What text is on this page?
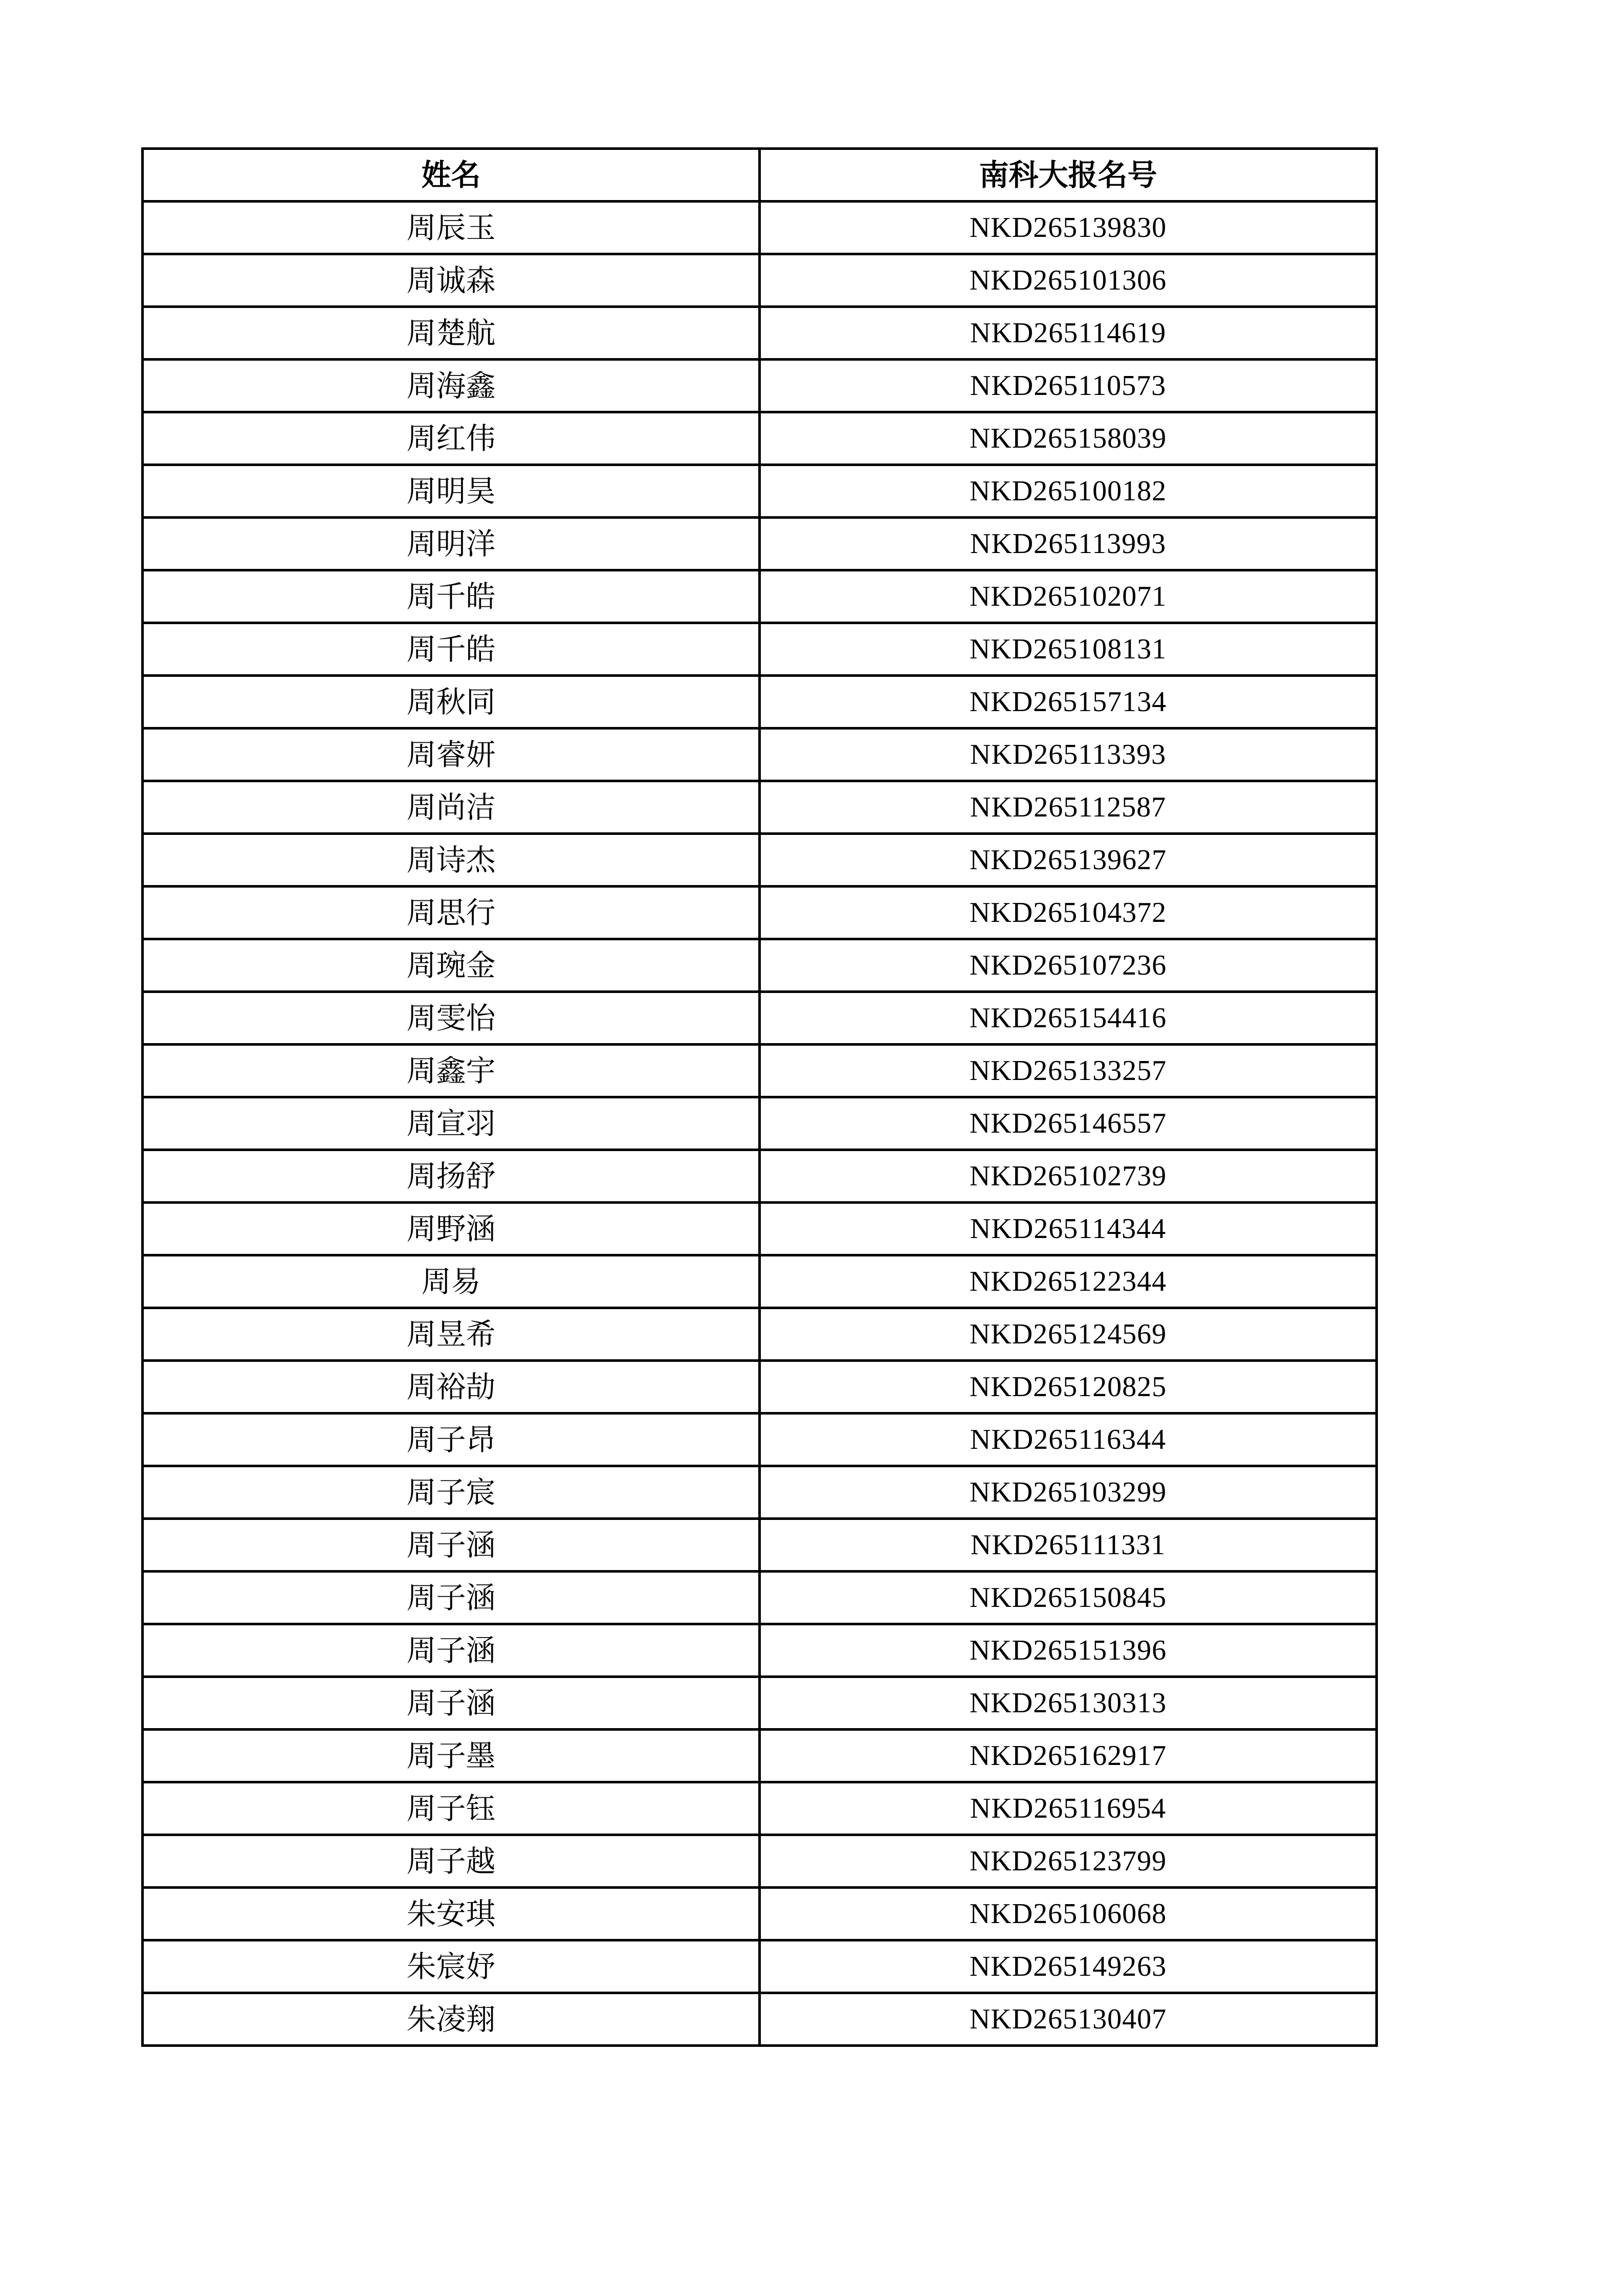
姓名	南科大报名号
周辰玉	NKD265139830
周诚森	NKD265101306
周楚航	NKD265114619
周海鑫	NKD265110573
周红伟	NKD265158039
周明昊	NKD265100182
周明洋	NKD265113993
周千皓	NKD265102071
周千皓	NKD265108131
周秋同	NKD265157134
周睿妍	NKD265113393
周尚洁	NKD265112587
周诗杰	NKD265139627
周思行	NKD265104372
周琬金	NKD265107236
周雯怡	NKD265154416
周鑫宇	NKD265133257
周宣羽	NKD265146557
周扬舒	NKD265102739
周野涵	NKD265114344
周易	NKD265122344
周昱希	NKD265124569
周裕劼	NKD265120825
周子昂	NKD265116344
周子宸	NKD265103299
周子涵	NKD265111331
周子涵	NKD265150845
周子涵	NKD265151396
周子涵	NKD265130313
周子墨	NKD265162917
周子钰	NKD265116954
周子越	NKD265123799
朱安琪	NKD265106068
朱宸妤	NKD265149263
朱凌翔	NKD265130407
